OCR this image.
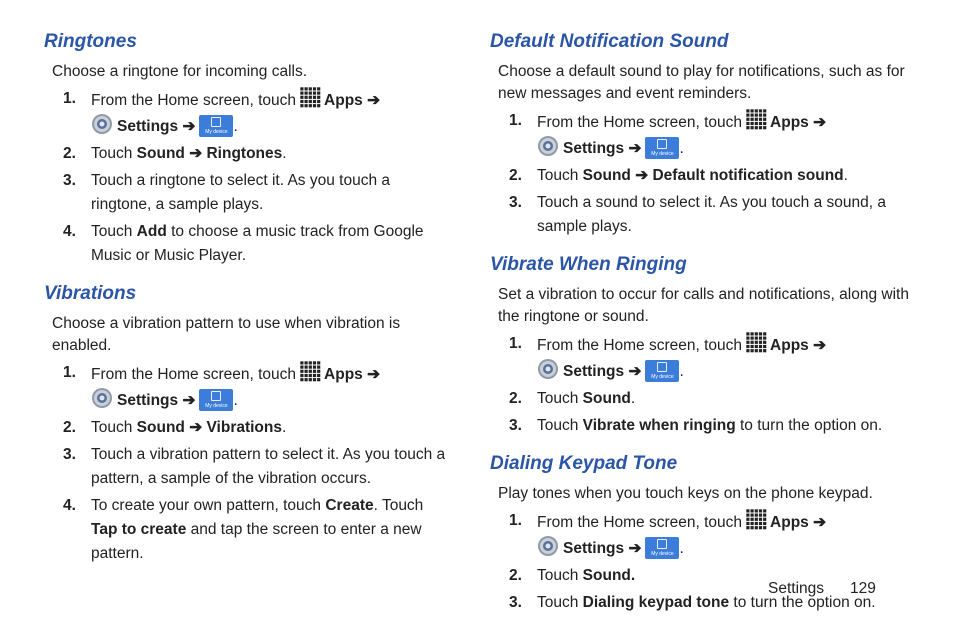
Ringtones
Choose a ringtone for incoming calls.
1. From the Home screen, touch Apps ➔
Settings ➔	My device .
2. Touch Sound ➔ Ringtones.
3. Touch a ringtone to select it. As you touch a ringtone, a sample plays.
4. Touch Add to choose a music track from Google Music or Music Player.
Vibrations
Choose a vibration pattern to use when vibration is enabled.
1. From the Home screen, touch Apps ➔
Settings ➔	My device .
2. Touch Sound ➔ Vibrations.
3. Touch a vibration pattern to select it. As you touch a pattern, a sample of the vibration occurs.
4. To create your own pattern, touch Create. Touch Tap to create and tap the screen to enter a new pattern.
Default Notification Sound
Choose a default sound to play for notifications, such as for new messages and event reminders.
1. From the Home screen, touch Apps ➔
Settings ➔	My device .
2. Touch Sound ➔ Default notification sound.
3. Touch a sound to select it. As you touch a sound, a sample plays.
Vibrate When Ringing
Set a vibration to occur for calls and notifications, along with the ringtone or sound.
1. From the Home screen, touch Apps ➔
Settings ➔	My device .
2. Touch Sound.
3. Touch Vibrate when ringing to turn the option on.
Dialing Keypad Tone
Play tones when you touch keys on the phone keypad.
1. From the Home screen, touch Apps ➔
Settings ➔	My device .
2. Touch Sound.
3. Touch Dialing keypad tone to turn the option on.
Settings 129
